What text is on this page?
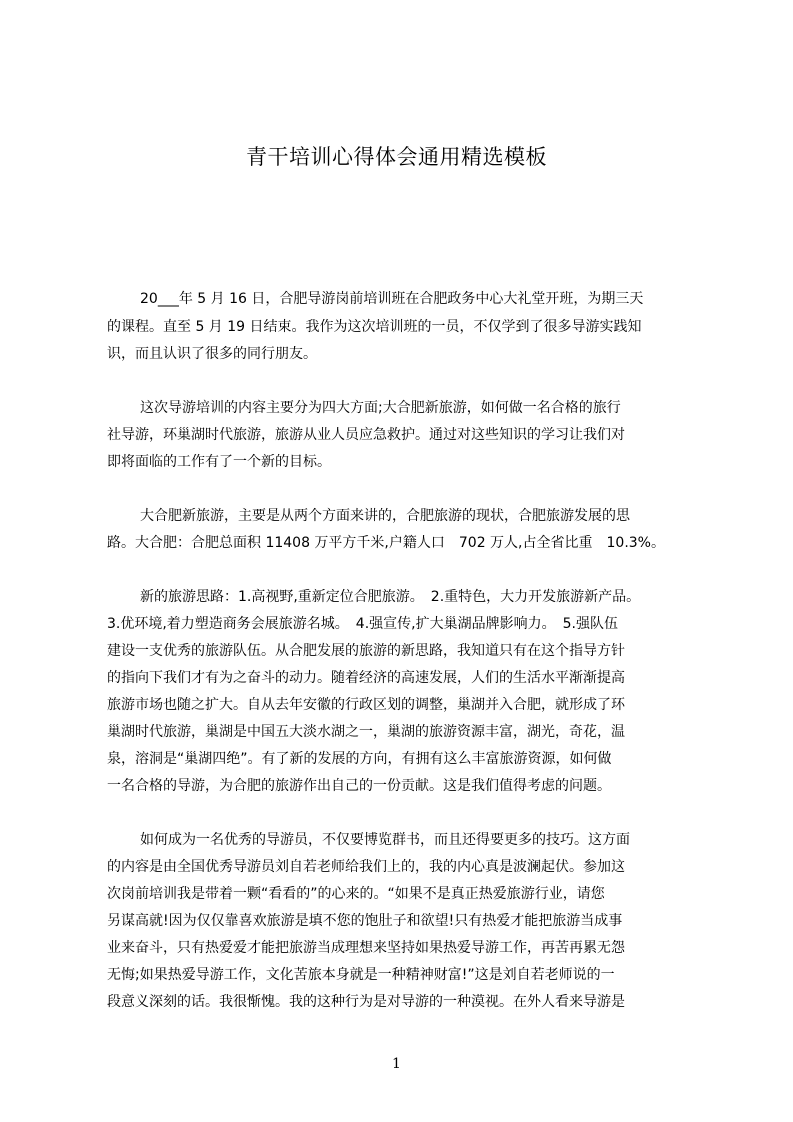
青干培训心得体会通用精选模板
20___年 5 月 16 日，合肥导游岗前培训班在合肥政务中心大礼堂开班，为期三天
的课程。直至 5 月 19 日结束。我作为这次培训班的一员，不仅学到了很多导游实践知
识，而且认识了很多的同行朋友。
这次导游培训的内容主要分为四大方面;大合肥新旅游，如何做一名合格的旅行
社导游，环巢湖时代旅游，旅游从业人员应急救护。通过对这些知识的学习让我们对
即将面临的工作有了一个新的目标。
大合肥新旅游，主要是从两个方面来讲的，合肥旅游的现状，合肥旅游发展的思
路。大合肥：合肥总面积 11408 万平方千米,户籍人口　702 万人,占全省比重　10.3%。
新的旅游思路：1.高视野,重新定位合肥旅游。　2.重特色，大力开发旅游新产品。
3.优环境,着力塑造商务会展旅游名城。　4.强宣传,扩大巢湖品牌影响力。　5.强队伍
建设一支优秀的旅游队伍。从合肥发展的旅游的新思路，我知道只有在这个指导方针
的指向下我们才有为之奋斗的动力。随着经济的高速发展，人们的生活水平渐渐提高
旅游市场也随之扩大。自从去年安徽的行政区划的调整，巢湖并入合肥，就形成了环
巢湖时代旅游，巢湖是中国五大淡水湖之一，巢湖的旅游资源丰富，湖光，奇花，温
泉，溶洞是“巢湖四绝”。有了新的发展的方向，有拥有这么丰富旅游资源，如何做
一名合格的导游，为合肥的旅游作出自己的一份贡献。这是我们值得考虑的问题。
如何成为一名优秀的导游员，不仅要博览群书，而且还得要更多的技巧。这方面
的内容是由全国优秀导游员刘自若老师给我们上的，我的内心真是波澜起伏。参加这
次岗前培训我是带着一颗“看看的”的心来的。“如果不是真正热爱旅游行业，请您
另谋高就!因为仅仅靠喜欢旅游是填不您的饱肚子和欲望!只有热爱才能把旅游当成事
业来奋斗，只有热爱爱才能把旅游当成理想来坚持如果热爱导游工作，再苦再累无怨
无悔;如果热爱导游工作，文化苦旅本身就是一种精神财富!”这是刘自若老师说的一
段意义深刻的话。我很惭愧。我的这种行为是对导游的一种漠视。在外人看来导游是
1
